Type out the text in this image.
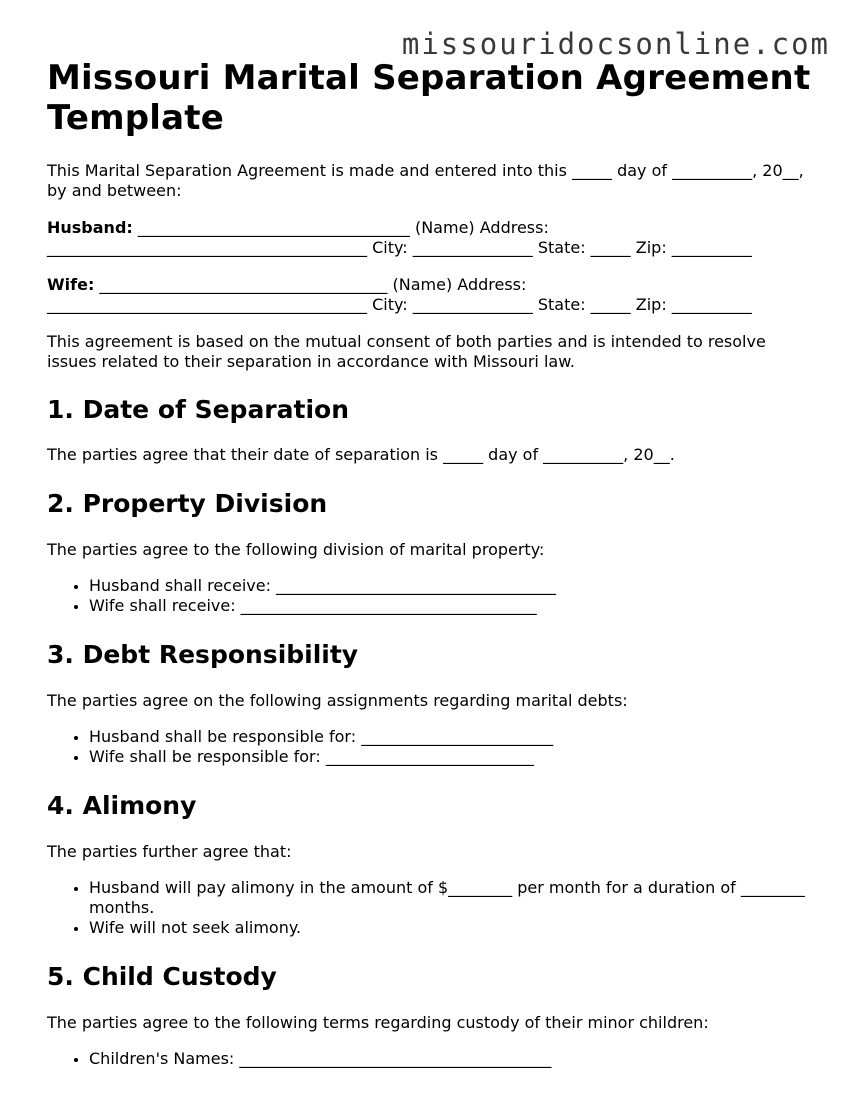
missouridocsonline.com
Missouri Marital Separation Agreement Template

This Marital Separation Agreement is made and entered into this _____ day of __________, 20__, by and between:

Husband: __________________________________ (Name) Address: ________________________________________ City: _______________ State: _____ Zip: __________

Wife: ____________________________________ (Name) Address: ________________________________________ City: _______________ State: _____ Zip: __________

This agreement is based on the mutual consent of both parties and is intended to resolve issues related to their separation in accordance with Missouri law.

1. Date of Separation

The parties agree that their date of separation is _____ day of __________, 20__.

2. Property Division

The parties agree to the following division of marital property:

• Husband shall receive: ___________________________________
• Wife shall receive: _____________________________________
3. Debt Responsibility

The parties agree on the following assignments regarding marital debts:

• Husband shall be responsible for: ________________________
• Wife shall be responsible for: __________________________
4. Alimony

The parties further agree that:

• Husband will pay alimony in the amount of $________ per month for a duration of ________ months.
• Wife will not seek alimony.
5. Child Custody

The parties agree to the following terms regarding custody of their minor children:

• Children's Names: _______________________________________
